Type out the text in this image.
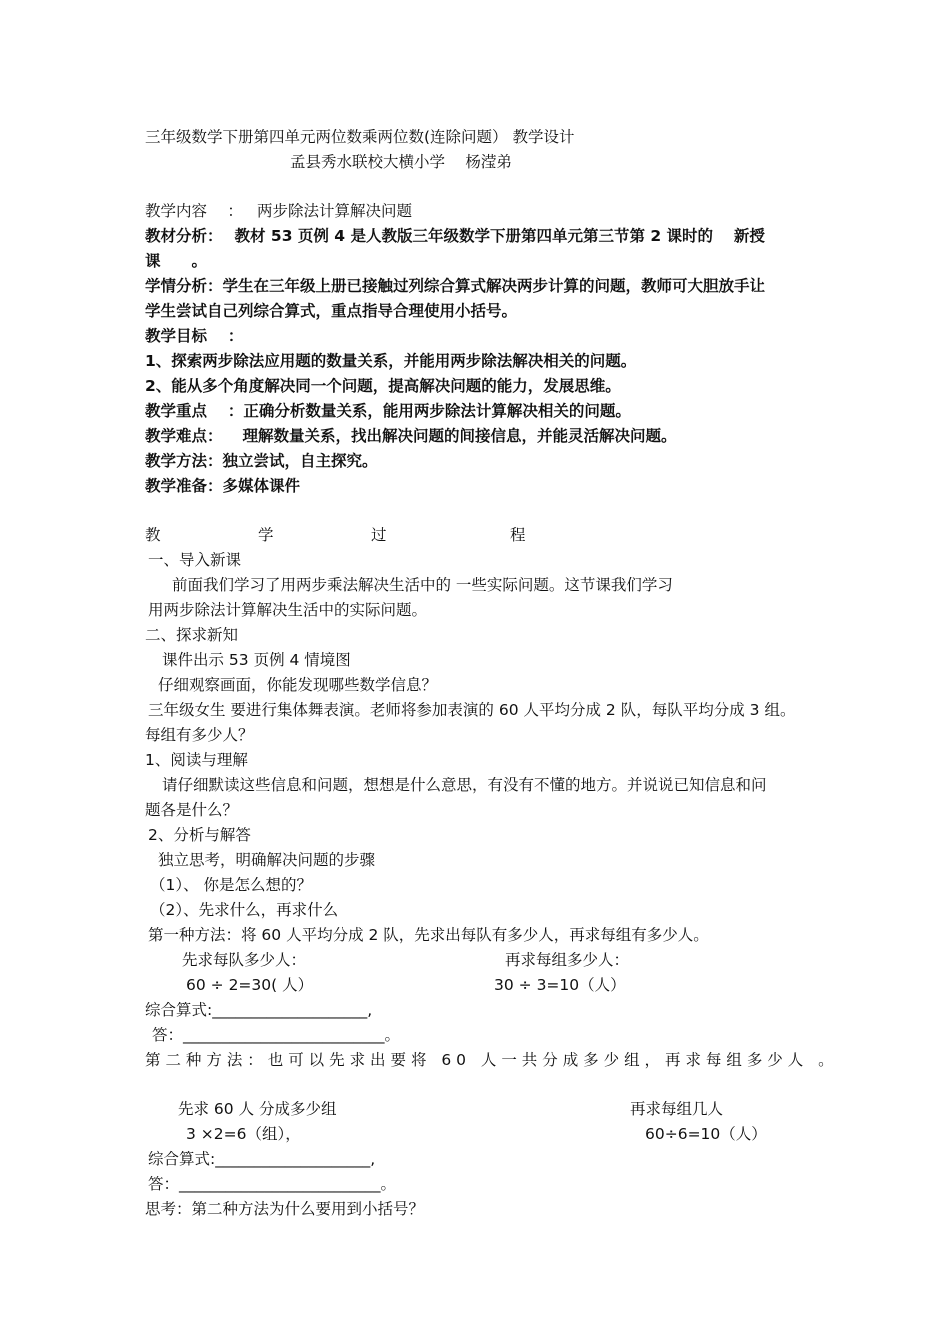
三年级数学下册第四单元两位数乘两位数(连除问题） 教学设计

孟县秀水联校大横小学　 杨滢弟

教学内容　 ： 两步除法计算解决问题

教材分析： 教材 53 页例 4 是人教版三年级数学下册第四单元第三节第 2 课时的　 新授

课　　。

学情分析：学生在三年级上册已接触过列综合算式解决两步计算的问题，教师可大胆放手让

学生尝试自己列综合算式，重点指导合理使用小括号。

教学目标　 ：

1、探索两步除法应用题的数量关系，并能用两步除法解决相关的问题。

2、能从多个角度解决同一个问题，提高解决问题的能力，发展思维。

教学重点　 ：正确分析数量关系，能用两步除法计算解决相关的问题。

教学难点： 理解数量关系，找出解决问题的间接信息，并能灵活解决问题。

教学方法：独立尝试，自主探究。

教学准备：多媒体课件

教	学	过	程

一、导入新课

前面我们学习了用两步乘法解决生活中的 一些实际问题。这节课我们学习

用两步除法计算解决生活中的实际问题。

二、探求新知

课件出示 53 页例 4 情境图

仔细观察画面，你能发现哪些数学信息？

三年级女生 要进行集体舞表演。老师将参加表演的 60 人平均分成 2 队，每队平均分成 3 组。

每组有多少人？

1、阅读与理解

请仔细默读这些信息和问题，想想是什么意思，有没有不懂的地方。并说说已知信息和问

题各是什么？

2、分析与解答

独立思考，明确解决问题的步骤

（1）、 你是怎么想的？

（2）、先求什么，再求什么

第一种方法：将 60 人平均分成 2 队，先求出每队有多少人，再求每组有多少人。

先求每队多少人：	再求每组多少人：

60 ÷ 2=30( 人）	30 ÷ 3=10（人）

综合算式:____________________,

答：__________________________。

第二种方法：也可以先求出要将 60 人一共分成多少组，再求每组多少人 。

先求 60 人 分成多少组	再求每组几人

3 ×2=6（组），	60÷6=10（人）

综合算式:____________________,

答：__________________________。

思考：第二种方法为什么要用到小括号？
